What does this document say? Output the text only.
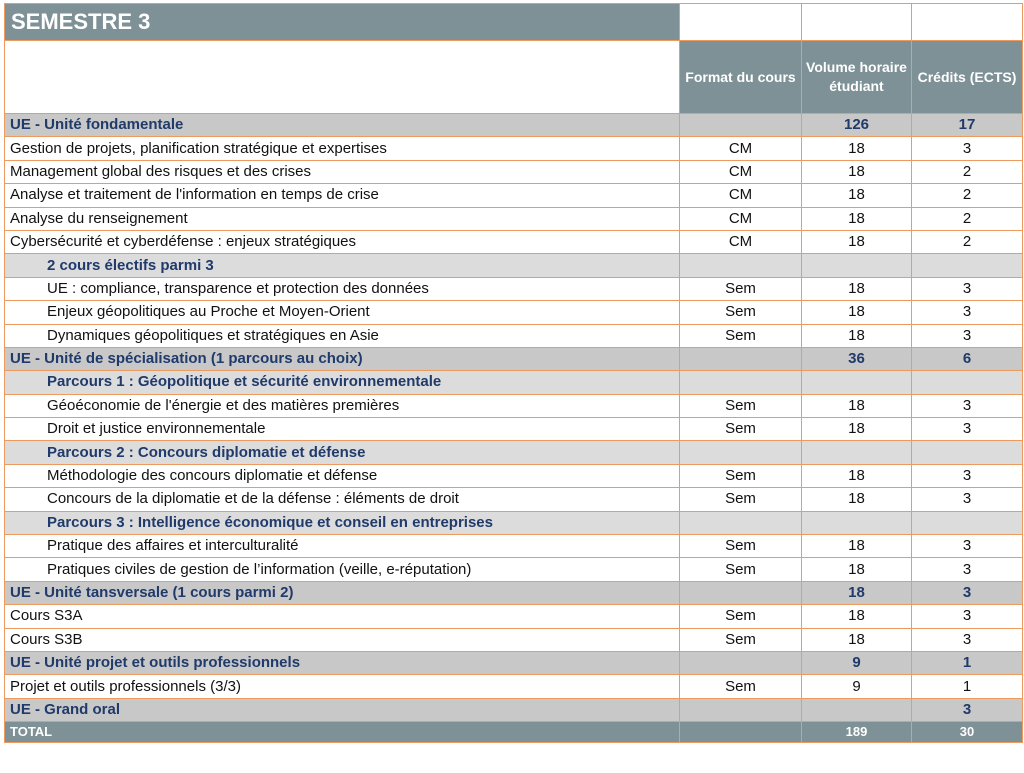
SEMESTRE 3			
	Format du cours	Volume horaire étudiant	Crédits (ECTS)
UE - Unité fondamentale		126	17
Gestion de projets, planification stratégique et expertises	CM	18	3
Management global des risques et des crises	CM	18	2
Analyse et traitement de l'information en temps de crise	CM	18	2
Analyse du renseignement	CM	18	2
Cybersécurité et cyberdéfense : enjeux stratégiques	CM	18	2
2 cours électifs parmi 3			
UE : compliance, transparence et protection des données	Sem	18	3
Enjeux géopolitiques au Proche et Moyen-Orient	Sem	18	3
Dynamiques géopolitiques et stratégiques en Asie	Sem	18	3
UE - Unité de spécialisation (1 parcours au choix)		36	6
Parcours 1 : Géopolitique et sécurité environnementale			
Géoéconomie de l'énergie et des matières premières	Sem	18	3
Droit et justice environnementale	Sem	18	3
Parcours 2 : Concours diplomatie et défense			
Méthodologie des concours diplomatie et défense	Sem	18	3
Concours de la diplomatie et de la défense : éléments de droit	Sem	18	3
Parcours 3 : Intelligence économique et conseil en entreprises			
Pratique des affaires et interculturalité	Sem	18	3
Pratiques civiles de gestion de l’information (veille, e-réputation)	Sem	18	3
UE - Unité tansversale (1 cours parmi 2)		18	3
Cours S3A	Sem	18	3
Cours S3B	Sem	18	3
UE - Unité projet et outils professionnels		9	1
Projet et outils professionnels (3/3)	Sem	9	1
UE - Grand oral			3
TOTAL		189	30
